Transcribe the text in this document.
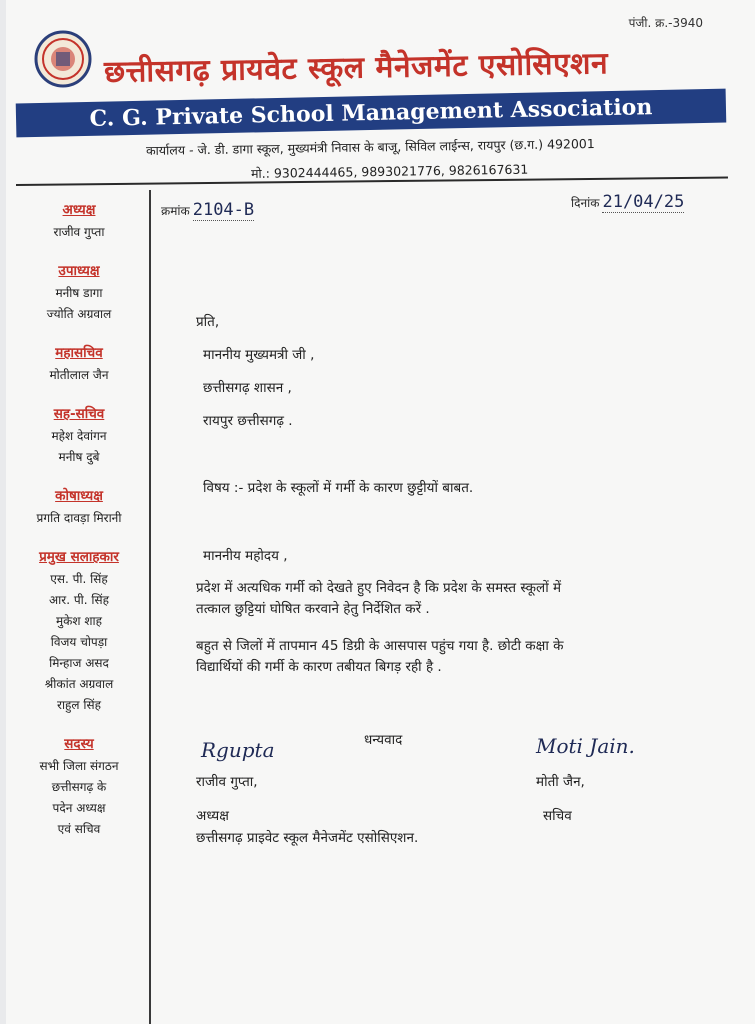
पंजी. क्र.-3940
छत्तीसगढ़ प्रायवेट स्कूल मैनेजमेंट एसोसिएशन
C. G. Private School Management Association
कार्यालय - जे. डी. डागा स्कूल, मुख्यमंत्री निवास के बाजू, सिविल लाईन्स, रायपुर (छ.ग.) 492001
मो.: 9302444465, 9893021776, 9826167631
अध्यक्ष
राजीव गुप्ता
उपाध्यक्ष
मनीष डागा
ज्योति अग्रवाल
महासचिव
मोतीलाल जैन
सह-सचिव
महेश देवांगन
मनीष दुबे
कोषाध्यक्ष
प्रगति दावड़ा मिरानी
प्रमुख सलाहकार
एस. पी. सिंह
आर. पी. सिंह
मुकेश शाह
विजय चोपड़ा
मिन्हाज असद
श्रीकांत अग्रवाल
राहुल सिंह
सदस्य
सभी जिला संगठन
छत्तीसगढ़ के
पदेन अध्यक्ष
एवं सचिव
क्रमांक 2104-B	दिनांक 21/04/25
प्रति,
माननीय मुख्यमत्री जी ,
छत्तीसगढ़ शासन ,
रायपुर छत्तीसगढ़ .
विषय :- प्रदेश के स्कूलों में गर्मी के कारण छुट्टीयों बाबत.
माननीय महोदय ,
प्रदेश में अत्यधिक गर्मी को देखते हुए निवेदन है कि प्रदेश के समस्त स्कूलों में
तत्काल छुट्टियां घोषित करवाने हेतु निर्देशित करें .
बहुत से जिलों में तापमान 45 डिग्री के आसपास पहुंच गया है. छोटी कक्षा के
विद्यार्थियों की गर्मी के कारण तबीयत बिगड़ रही है .
धन्यवाद
Rgupta
राजीव गुप्ता,
अध्यक्ष
छत्तीसगढ़ प्राइवेट स्कूल मैनेजमेंट एसोसिएशन.
Moti Jain.
मोती जैन,
सचिव
